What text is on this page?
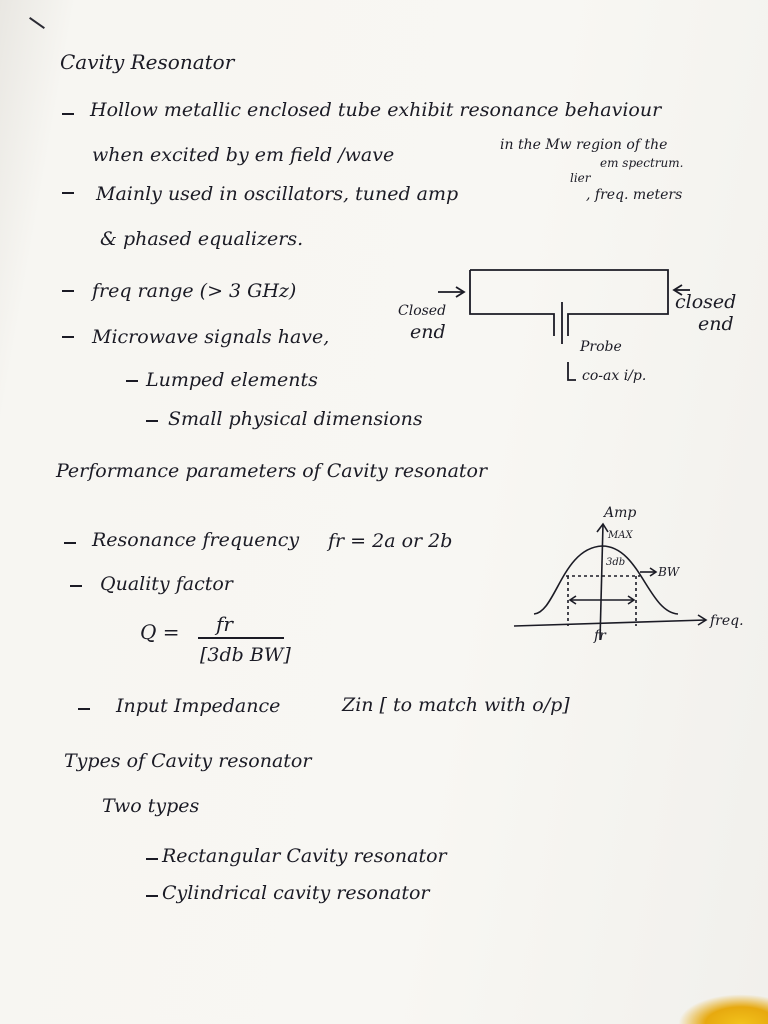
Cavity Resonator
Hollow metallic enclosed tube exhibit resonance behaviour
when excited by em field /wave	in the Mw region of the
em spectrum.
Mainly used in oscillators, tuned amp
lier
, freq. meters
& phased equalizers.
freq range (> 3 GHz)
Microwave signals have,
Lumped elements
Small physical dimensions
Closed
end
closed
end
Probe
co-ax i/p.
Performance parameters of Cavity resonator
Resonance frequency fr = 2a or 2b
Quality factor
Q = fr
[3db BW]
Input Impedance	Zin [ to match with o/p]
Amp
MAX
3db
BW
freq.
fr
Types of Cavity resonator
Two types
Rectangular Cavity resonator
Cylindrical cavity resonator
